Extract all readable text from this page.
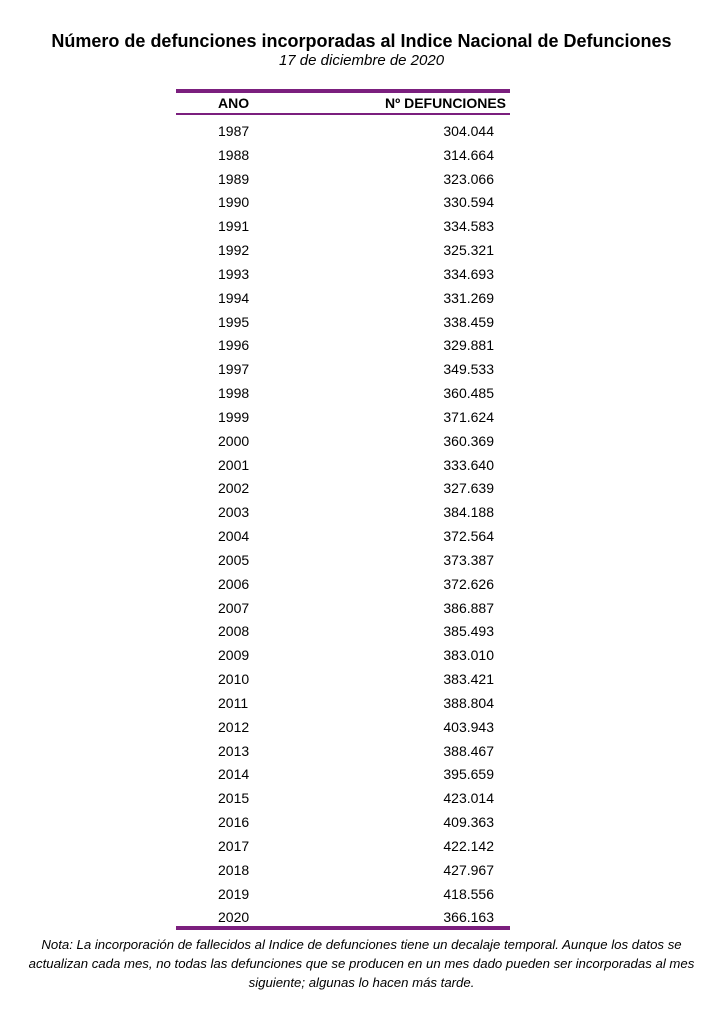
Número de defunciones incorporadas al Indice Nacional de Defunciones
17 de diciembre de 2020
ANO	Nº DEFUNCIONES
1987	304.044
1988	314.664
1989	323.066
1990	330.594
1991	334.583
1992	325.321
1993	334.693
1994	331.269
1995	338.459
1996	329.881
1997	349.533
1998	360.485
1999	371.624
2000	360.369
2001	333.640
2002	327.639
2003	384.188
2004	372.564
2005	373.387
2006	372.626
2007	386.887
2008	385.493
2009	383.010
2010	383.421
2011	388.804
2012	403.943
2013	388.467
2014	395.659
2015	423.014
2016	409.363
2017	422.142
2018	427.967
2019	418.556
2020	366.163
Nota: La incorporación de fallecidos al Indice de defunciones tiene un decalaje temporal. Aunque los datos se actualizan cada mes, no todas las defunciones que se producen en un mes dado pueden ser incorporadas al mes siguiente; algunas lo hacen más tarde.
